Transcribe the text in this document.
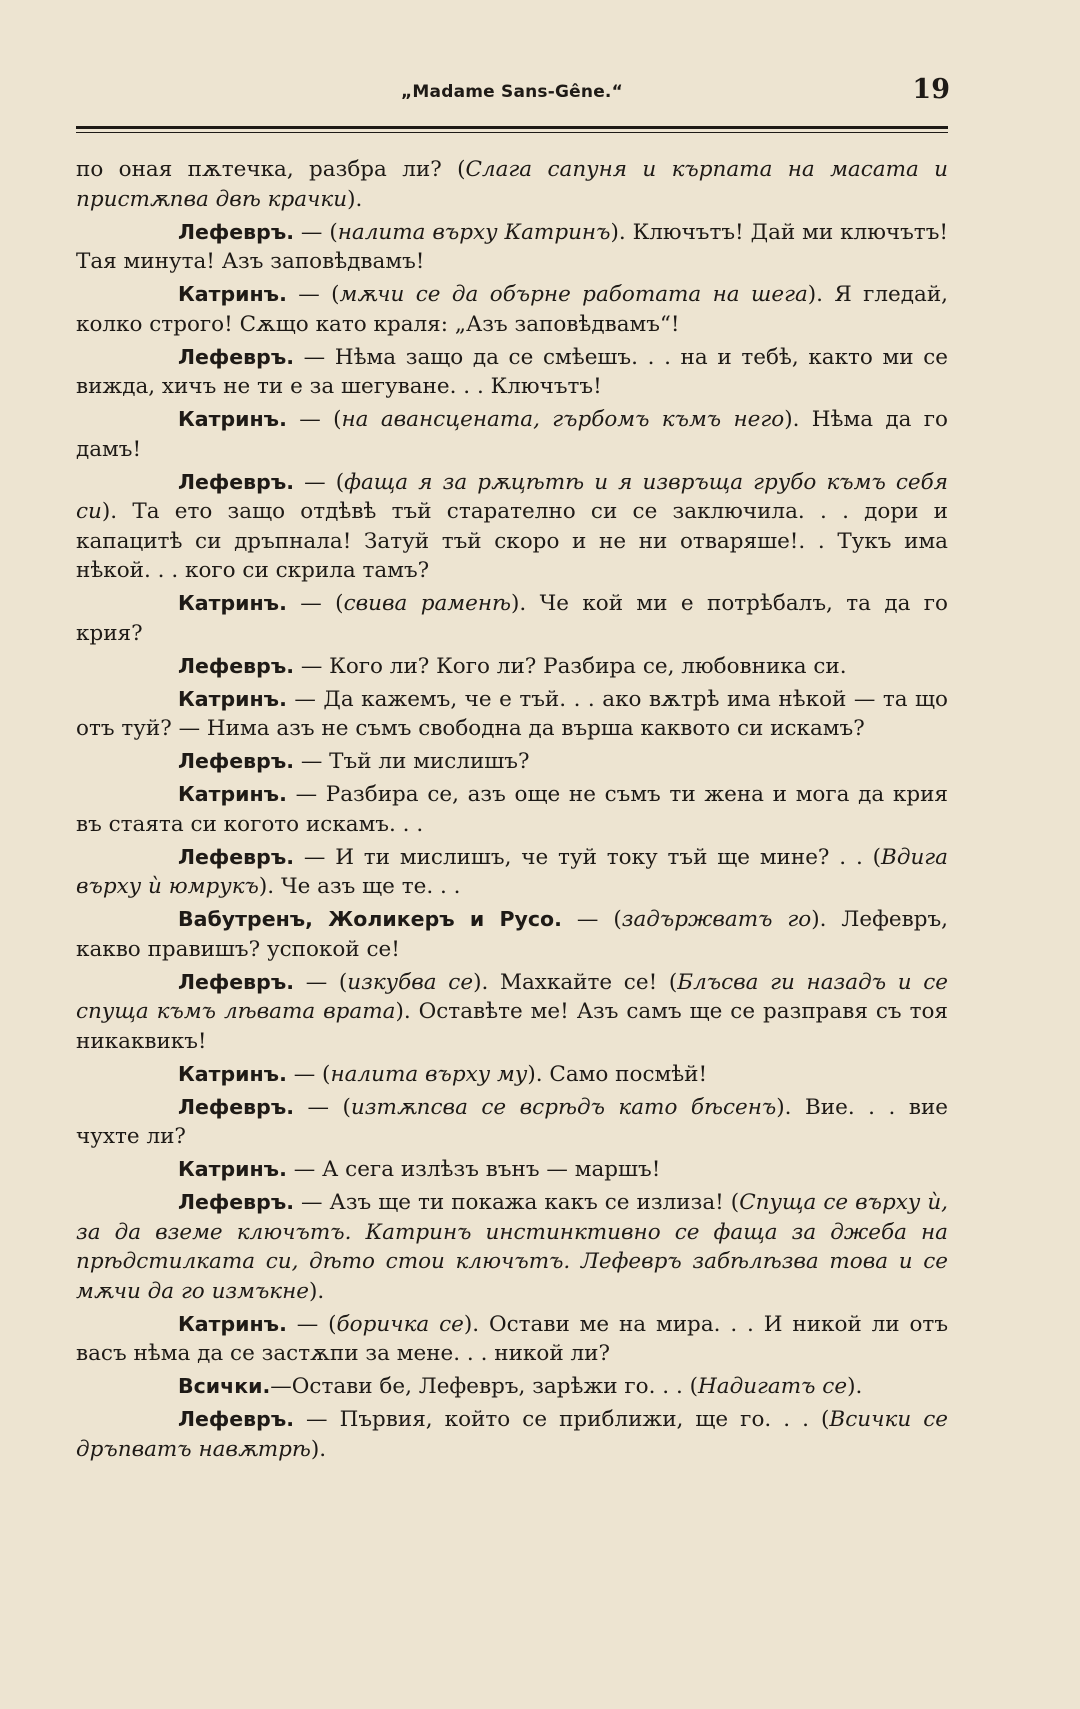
„Madame Sans-Gêne.“	19

по оная пѫтечка, разбра ли? (Слага сапуня и кърпата на масата и пристѫпва двѣ крачки).

Лефевръ. — (налита върху Катринъ). Ключътъ! Дай ми ключътъ! Тая минута! Азъ заповѣдвамъ!

Катринъ. — (мѫчи се да обърне работата на шега). Я гледай, колко строго! Сѫщо като краля: „Азъ заповѣдвамъ“!

Лефевръ. — Нѣма защо да се смѣешъ. . . на и тебѣ, както ми се вижда, хичъ не ти е за шегуване. . . Ключътъ!

Катринъ. — (на авансцената, гърбомъ къмъ него). Нѣма да го дамъ!

Лефевръ. — (фаща я за рѫцѣтѣ и я извръща грубо къмъ себя си). Та ето защо отдѣвѣ тъй старателно си се заключила. . . дори и капацитѣ си дръпнала! Затуй тъй скоро и не ни отваряше!. . Тукъ има нѣкой. . . кого си скрила тамъ?

Катринъ. — (свива раменѣ). Че кой ми е потрѣбалъ, та да го крия?

Лефевръ. — Кого ли? Кого ли? Разбира се, любовника си.

Катринъ. — Да кажемъ, че е тъй. . . ако вѫтрѣ има нѣкой — та що отъ туй? — Нима азъ не съмъ свободна да върша каквото си искамъ?

Лефевръ. — Тъй ли мислишъ?

Катринъ. — Разбира се, азъ още не съмъ ти жена и мога да крия въ стаята си когото искамъ. . .

Лефевръ. — И ти мислишъ, че туй току тъй ще мине? . . (Вдига върху ѝ юмрукъ). Че азъ ще те. . .

Вабутренъ, Жоликеръ и Русо. — (задържватъ го). Лефевръ, какво правишъ? успокой се!

Лефевръ. — (изкубва се). Махкайте се! (Блъсва ги назадъ и се спуща къмъ лѣвата врата). Оставѣте ме! Азъ самъ ще се разправя съ тоя никаквикъ!

Катринъ. — (налита върху му). Само посмѣй!

Лефевръ. — (изтѫпсва се всрѣдъ като бѣсенъ). Вие. . . вие чухте ли?

Катринъ. — А сега излѣзъ вънъ — маршъ!

Лефевръ. — Азъ ще ти покажа какъ се излиза! (Спуща се върху ѝ, за да вземе ключътъ. Катринъ инстинктивно се фаща за джеба на прѣдстилката си, дѣто стои ключътъ. Лефевръ забѣлѣзва това и се мѫчи да го измъкне).

Катринъ. — (боричка се). Остави ме на мира. . . И никой ли отъ васъ нѣма да се застѫпи за мене. . . никой ли?

Всички.—Остави бе, Лефевръ, зарѣжи го. . . (Надигатъ се).

Лефевръ. — Първия, който се приближи, ще го. . . (Всички се дръпватъ навѫтрѣ).
